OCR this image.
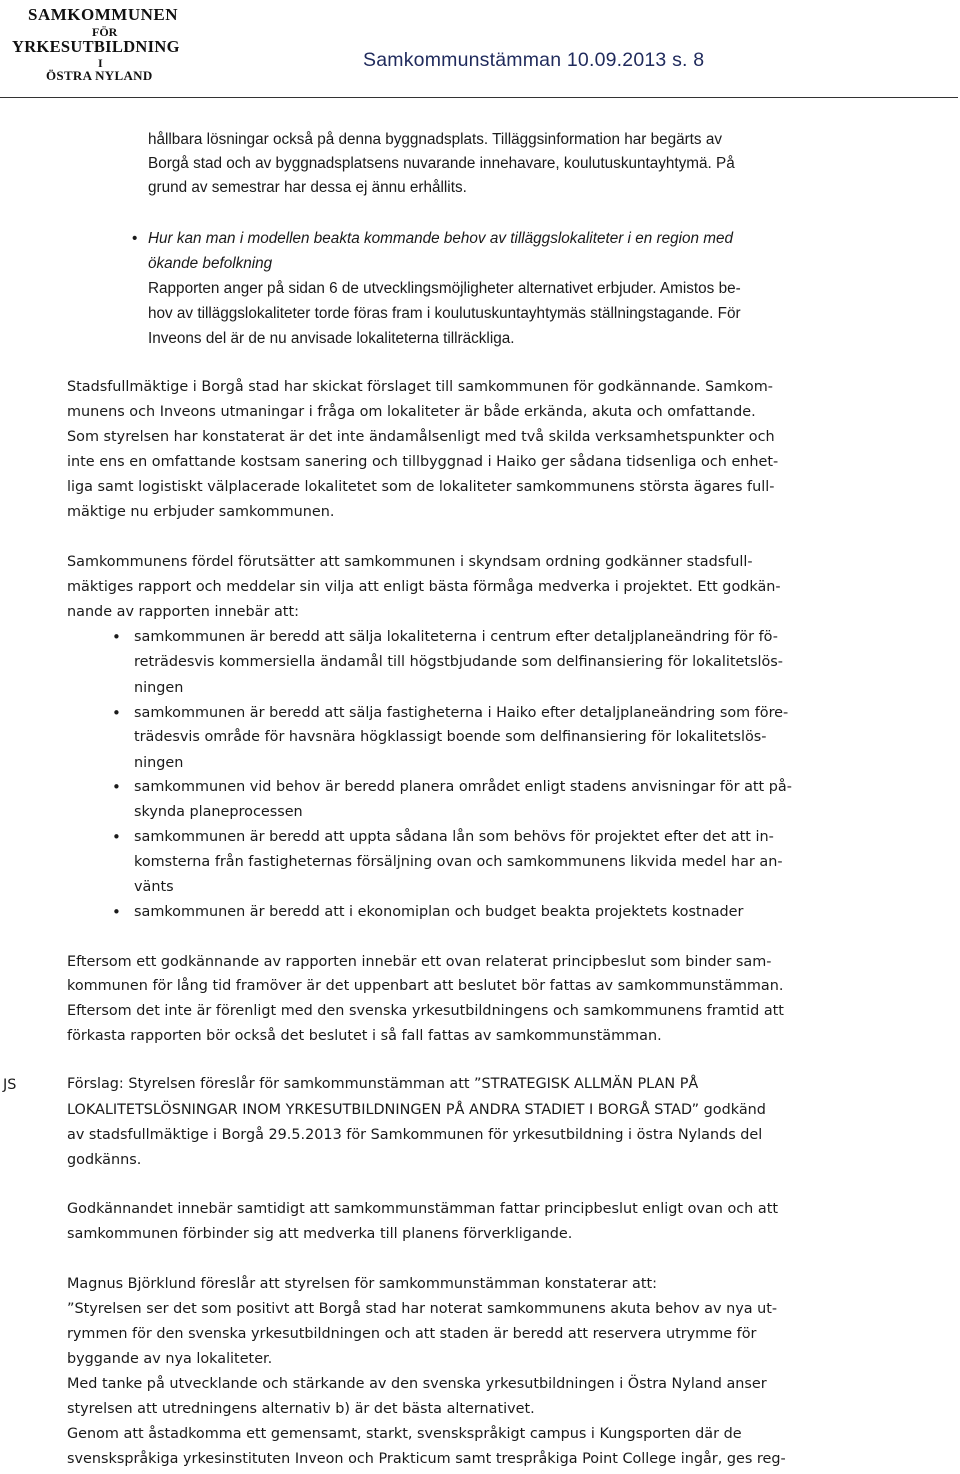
SAMKOMMUNEN
FÖR
YRKESUTBILDNING
I
ÖSTRA NYLAND
Samkommunstämman 10.09.2013 s. 8
hållbara lösningar också på denna byggnadsplats. Tilläggsinformation har begärts av
Borgå stad och av byggnadsplatsens nuvarande innehavare, koulutuskuntayhtymä. På
grund av semestrar har dessa ej ännu erhållits.
• Hur kan man i modellen beakta kommande behov av tilläggslokaliteter i en region med
ökande befolkning
Rapporten anger på sidan 6 de utvecklingsmöjligheter alternativet erbjuder. Amistos be-
hov av tilläggslokaliteter torde föras fram i koulutuskuntayhtymäs ställningstagande. För
Inveons del är de nu anvisade lokaliteterna tillräckliga.
Stadsfullmäktige i Borgå stad har skickat förslaget till samkommunen för godkännande. Samkom-
munens och Inveons utmaningar i fråga om lokaliteter är både erkända, akuta och omfattande.
Som styrelsen har konstaterat är det inte ändamålsenligt med två skilda verksamhetspunkter och
inte ens en omfattande kostsam sanering och tillbyggnad i Haiko ger sådana tidsenliga och enhet-
liga samt logistiskt välplacerade lokalitetet som de lokaliteter samkommunens största ägares full-
mäktige nu erbjuder samkommunen.
Samkommunens fördel förutsätter att samkommunen i skyndsam ordning godkänner stadsfull-
mäktiges rapport och meddelar sin vilja att enligt bästa förmåga medverka i projektet. Ett godkän-
nande av rapporten innebär att:
• samkommunen är beredd att sälja lokaliteterna i centrum efter detaljplaneändring för fö-
reträdesvis kommersiella ändamål till högstbjudande som delfinansiering för lokalitetslös-
ningen
• samkommunen är beredd att sälja fastigheterna i Haiko efter detaljplaneändring som före-
trädesvis område för havsnära högklassigt boende som delfinansiering för lokalitetslös-
ningen
• samkommunen vid behov är beredd planera området enligt stadens anvisningar för att på-
skynda planeprocessen
• samkommunen är beredd att uppta sådana lån som behövs för projektet efter det att in-
komsterna från fastigheternas försäljning ovan och samkommunens likvida medel har an-
vänts
• samkommunen är beredd att i ekonomiplan och budget beakta projektets kostnader
Eftersom ett godkännande av rapporten innebär ett ovan relaterat principbeslut som binder sam-
kommunen för lång tid framöver är det uppenbart att beslutet bör fattas av samkommunstämman.
Eftersom det inte är förenligt med den svenska yrkesutbildningens och samkommunens framtid att
förkasta rapporten bör också det beslutet i så fall fattas av samkommunstämman.
JS	Förslag: Styrelsen föreslår för samkommunstämman att ”STRATEGISK ALLMÄN PLAN PÅ
LOKALITETSLÖSNINGAR INOM YRKESUTBILDNINGEN PÅ ANDRA STADIET I BORGÅ STAD” godkänd
av stadsfullmäktige i Borgå 29.5.2013 för Samkommunen för yrkesutbildning i östra Nylands del
godkänns.
Godkännandet innebär samtidigt att samkommunstämman fattar principbeslut enligt ovan och att
samkommunen förbinder sig att medverka till planens förverkligande.
Magnus Björklund föreslår att styrelsen för samkommunstämman konstaterar att:
”Styrelsen ser det som positivt att Borgå stad har noterat samkommunens akuta behov av nya ut-
rymmen för den svenska yrkesutbildningen och att staden är beredd att reservera utrymme för
byggande av nya lokaliteter.
Med tanke på utvecklande och stärkande av den svenska yrkesutbildningen i Östra Nyland anser
styrelsen att utredningens alternativ b) är det bästa alternativet.
Genom att åstadkomma ett gemensamt, starkt, svenskspråkigt campus i Kungsporten där de
svenskspråkiga yrkesinstituten Inveon och Prakticum samt trespråkiga Point College ingår, ges reg-
